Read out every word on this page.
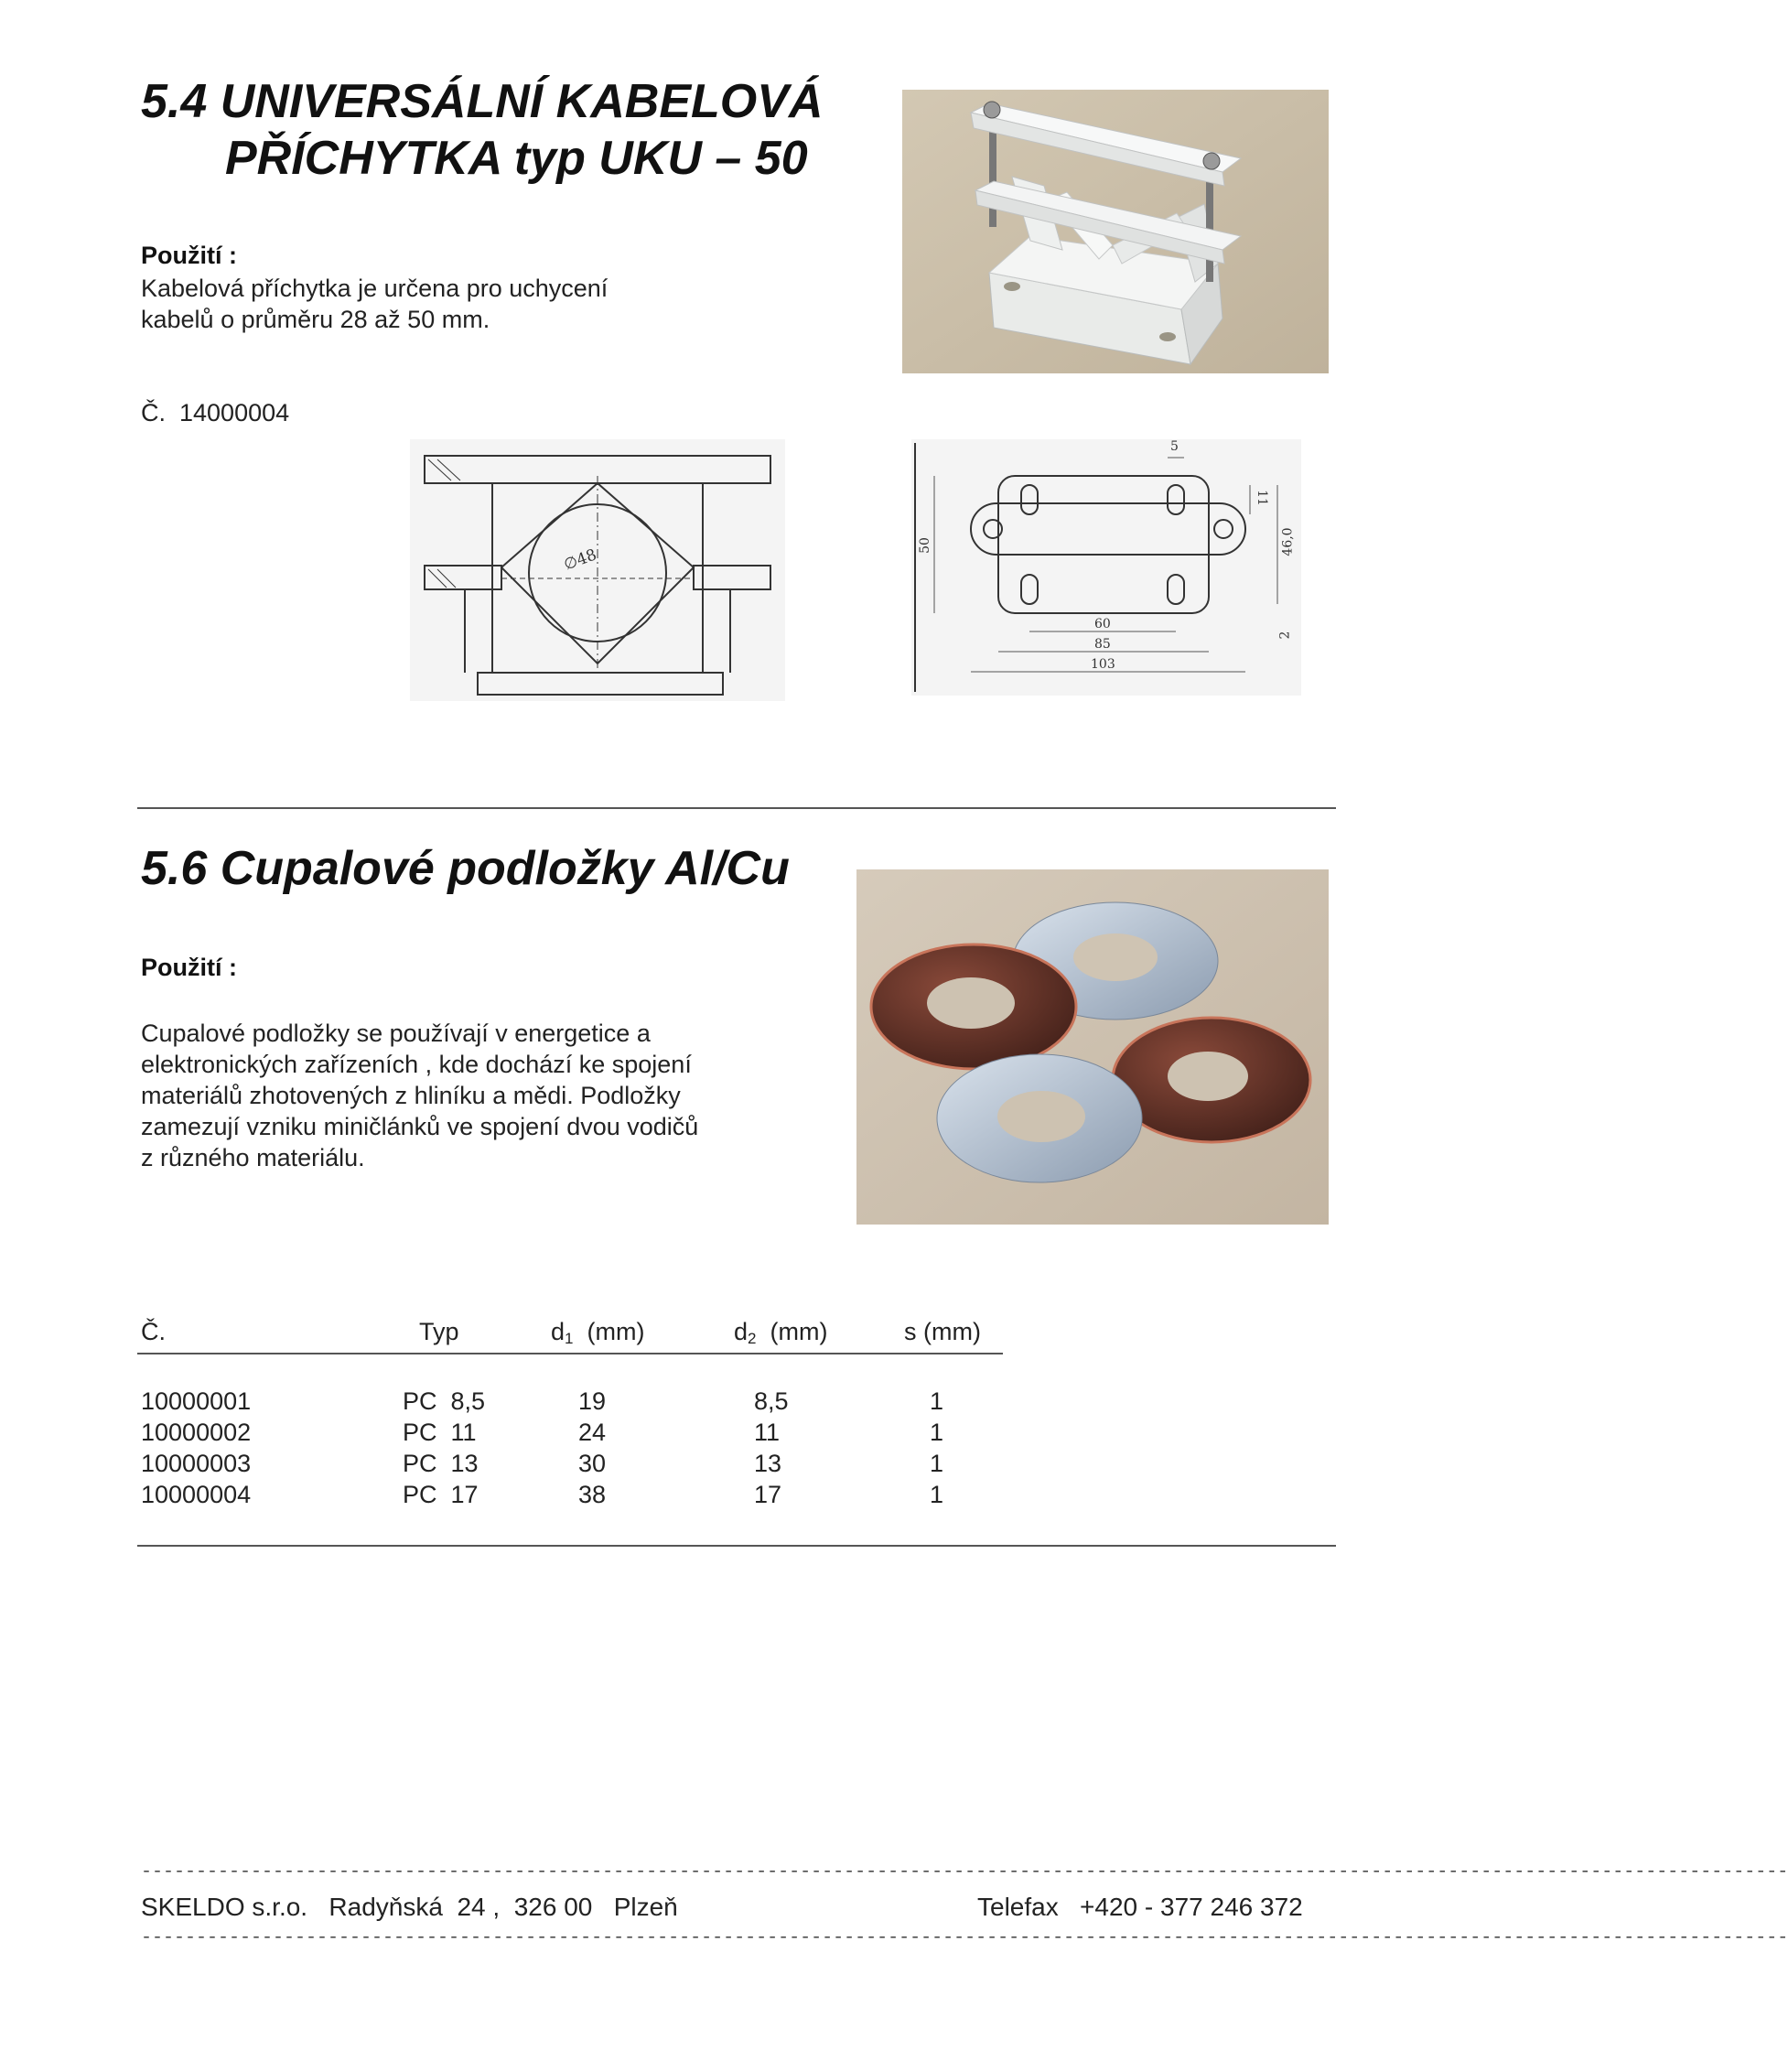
5.4 UNIVERSÁLNÍ KABELOVÁ
PŘÍCHYTKA typ UKU – 50
Použití :
Kabelová příchytka je určena pro uchycení
kabelů o průměru 28 až 50 mm.
Č.  14000004
∅48
5
11
50	46,0
2
60
85
103
5.6 Cupalové podložky Al/Cu
Použití :
Cupalové podložky se používají v energetice a
elektronických zařízeních , kde dochází ke spojení
materiálů zhotovených z hliníku a mědi. Podložky
zamezují vzniku miničlánků ve spojení dvou vodičů
z různého materiálu.
Č.	Typ	$d_1$  (mm)	$d_2$  (mm)	s (mm)
10000001	PC  8,5	19	8,5	1
10000002	PC  11	24	11	1
10000003	PC  13	30	13	1
10000004	PC  17	38	17	1
------------------------------------------------------------------------------------------------------------------------------------------------------
SKELDO s.r.o.   Radyňská  24 ,  326 00   Plzeň	Telefax   +420 - 377 246 372
------------------------------------------------------------------------------------------------------------------------------------------------------
